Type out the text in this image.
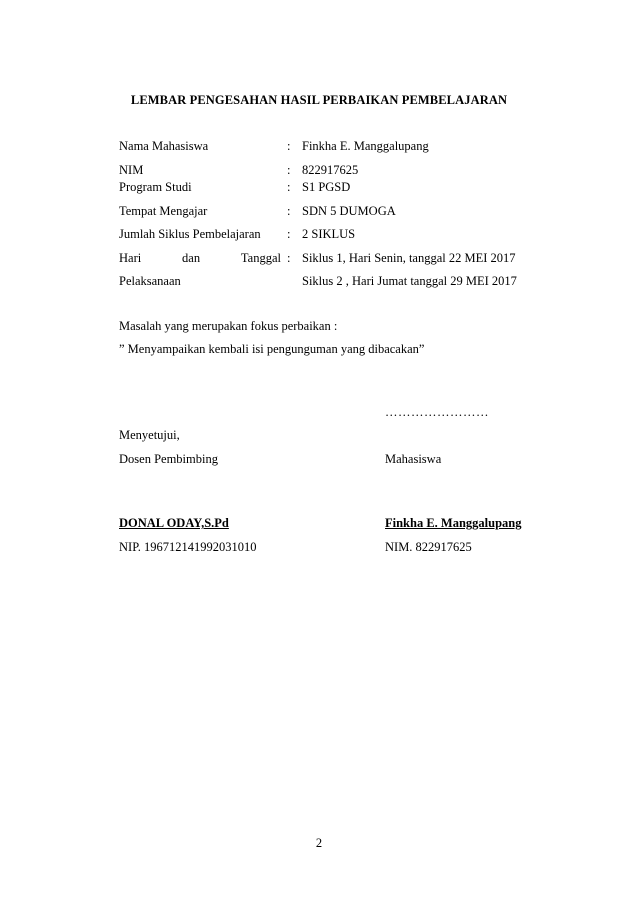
LEMBAR PENGESAHAN HASIL PERBAIKAN PEMBELAJARAN
Nama Mahasiswa	: Finkha E. Manggalupang
NIM	: 822917625
Program Studi	: S1 PGSD
Tempat Mengajar	: SDN 5 DUMOGA
Jumlah Siklus Pembelajaran : 2 SIKLUS
Hari	dan	Tanggal : Siklus 1, Hari Senin, tanggal 22 MEI 2017
Pelaksanaan	Siklus 2 , Hari Jumat tanggal 29 MEI 2017
Masalah yang merupakan fokus perbaikan :
” Menyampaikan kembali isi pengunguman yang dibacakan”
……………………
Menyetujui,
Dosen Pembimbing	Mahasiswa
DONAL ODAY,S.Pd	Finkha E. Manggalupang
NIP. 196712141992031010	NIM. 822917625
2
